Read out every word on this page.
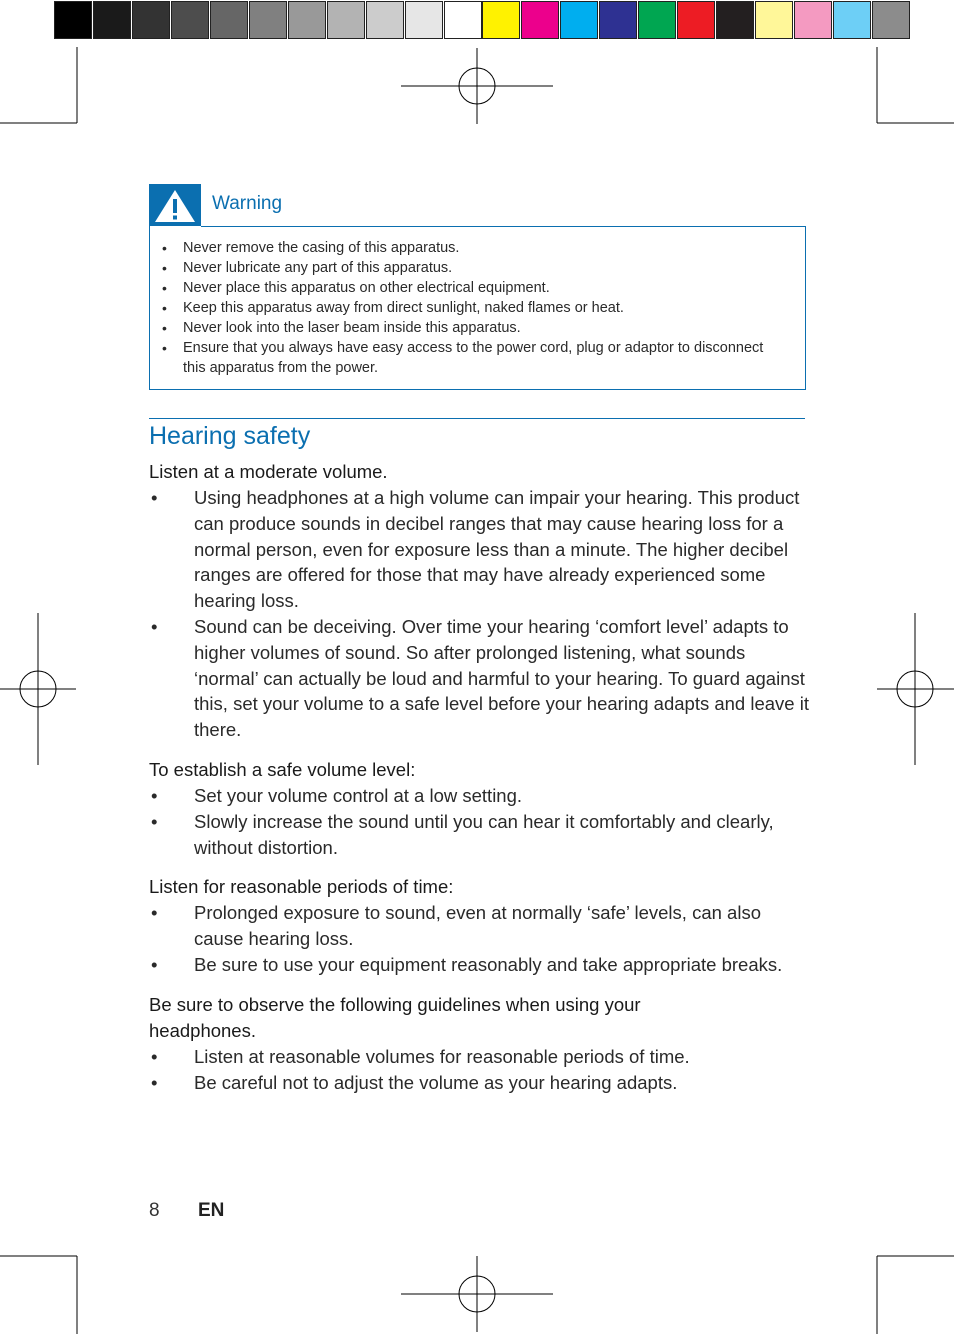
Warning
• Never remove the casing of this apparatus.
• Never lubricate any part of this apparatus.
• Never place this apparatus on other electrical equipment.
• Keep this apparatus away from direct sunlight, naked flames or heat.
• Never look into the laser beam inside this apparatus.
• Ensure that you always have easy access to the power cord, plug or adaptor to disconnect this apparatus from the power.
Hearing safety

Listen at a moderate volume.

• Using headphones at a high volume can impair your hearing. This product can produce sounds in decibel ranges that may cause hearing loss for a normal person, even for exposure less than a minute. The higher decibel ranges are offered for those that may have already experienced some hearing loss.
• Sound can be deceiving. Over time your hearing ‘comfort level’ adapts to higher volumes of sound. So after prolonged listening, what sounds ‘normal’ can actually be loud and harmful to your hearing. To guard against this, set your volume to a safe level before your hearing adapts and leave it there.

To establish a safe volume level:

• Set your volume control at a low setting.
• Slowly increase the sound until you can hear it comfortably and clearly, without distortion.

Listen for reasonable periods of time:

• Prolonged exposure to sound, even at normally ‘safe’ levels, can also cause hearing loss.
• Be sure to use your equipment reasonably and take appropriate breaks.

Be sure to observe the following guidelines when using your headphones.

• Listen at reasonable volumes for reasonable periods of time.
• Be careful not to adjust the volume as your hearing adapts.
8 EN
